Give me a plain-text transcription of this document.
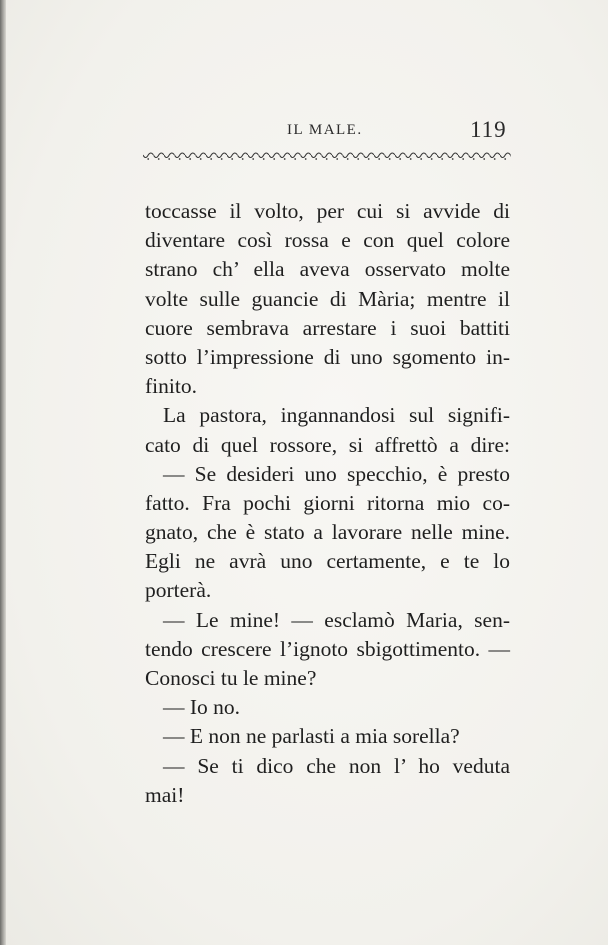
IL MALE.	119
toccasse il volto, per cui si avvide di
diventare così rossa e con quel colore
strano ch’ ella aveva osservato molte
volte sulle guancie di Mària; mentre il
cuore sembrava arrestare i suoi battiti
sotto l’impressione di uno sgomento in-
finito.
La pastora, ingannandosi sul signifi-
cato di quel rossore, si affrettò a dire:
— Se desideri uno specchio, è presto
fatto. Fra pochi giorni ritorna mio co-
gnato, che è stato a lavorare nelle mine.
Egli ne avrà uno certamente, e te lo
porterà.
— Le mine! — esclamò Maria, sen-
tendo crescere l’ignoto sbigottimento. —
Conosci tu le mine?
— Io no.
— E non ne parlasti a mia sorella?
— Se ti dico che non l’ ho veduta
mai!
